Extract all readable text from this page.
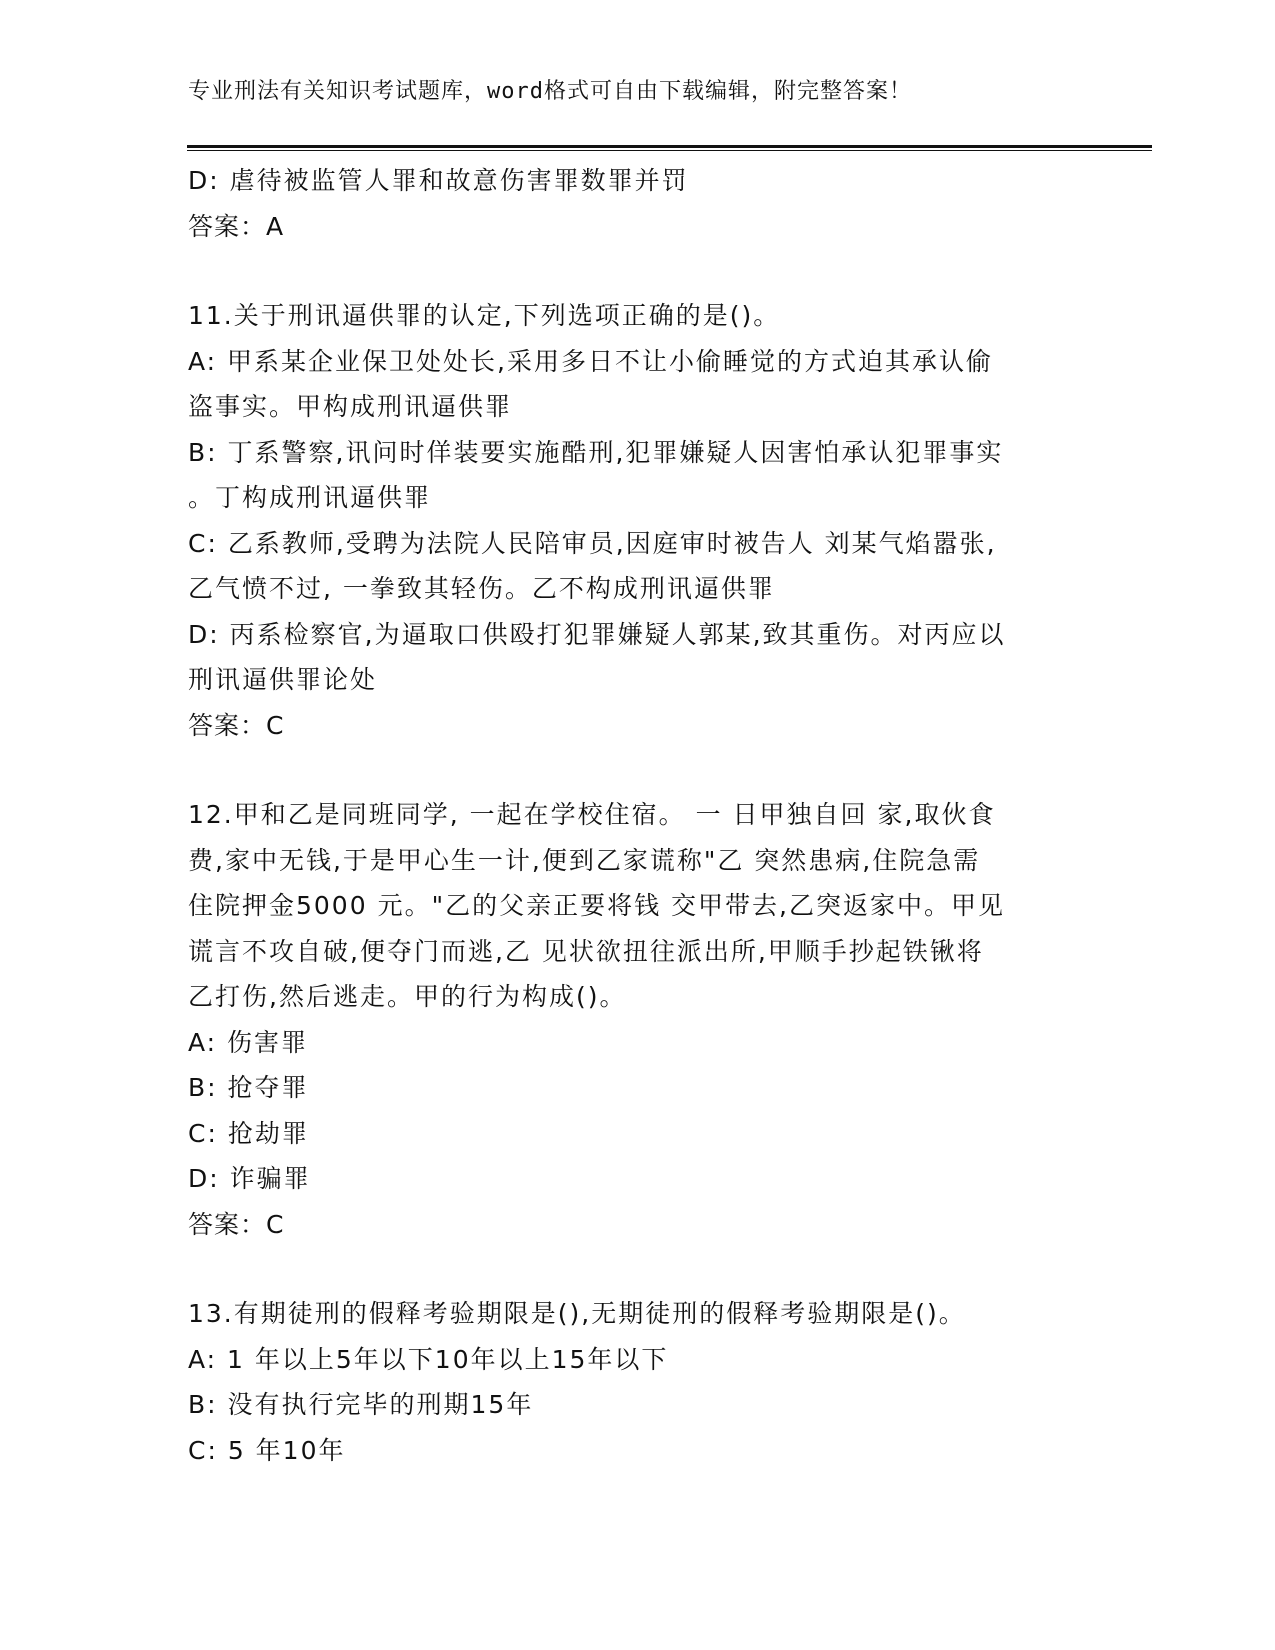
专业刑法有关知识考试题库，word格式可自由下载编辑，附完整答案！
D: 虐待被监管人罪和故意伤害罪数罪并罚
答案：A
11.关于刑讯逼供罪的认定,下列选项正确的是()。
A: 甲系某企业保卫处处长,采用多日不让小偷睡觉的方式迫其承认偷
盗事实。甲构成刑讯逼供罪
B: 丁系警察,讯问时佯装要实施酷刑,犯罪嫌疑人因害怕承认犯罪事实
。丁构成刑讯逼供罪
C: 乙系教师,受聘为法院人民陪审员,因庭审时被告人 刘某气焰嚣张,
乙气愤不过, 一拳致其轻伤。乙不构成刑讯逼供罪
D: 丙系检察官,为逼取口供殴打犯罪嫌疑人郭某,致其重伤。对丙应以
刑讯逼供罪论处
答案：C
12.甲和乙是同班同学, 一起在学校住宿。 一 日甲独自回 家,取伙食
费,家中无钱,于是甲心生一计,便到乙家谎称"乙 突然患病,住院急需
住院押金5000 元。"乙的父亲正要将钱 交甲带去,乙突返家中。甲见
谎言不攻自破,便夺门而逃,乙 见状欲扭往派出所,甲顺手抄起铁锹将
乙打伤,然后逃走。甲的行为构成()。
A: 伤害罪
B: 抢夺罪
C: 抢劫罪
D: 诈骗罪
答案：C
13.有期徒刑的假释考验期限是(),无期徒刑的假释考验期限是()。
A: 1 年以上5年以下10年以上15年以下
B: 没有执行完毕的刑期15年
C: 5 年10年
